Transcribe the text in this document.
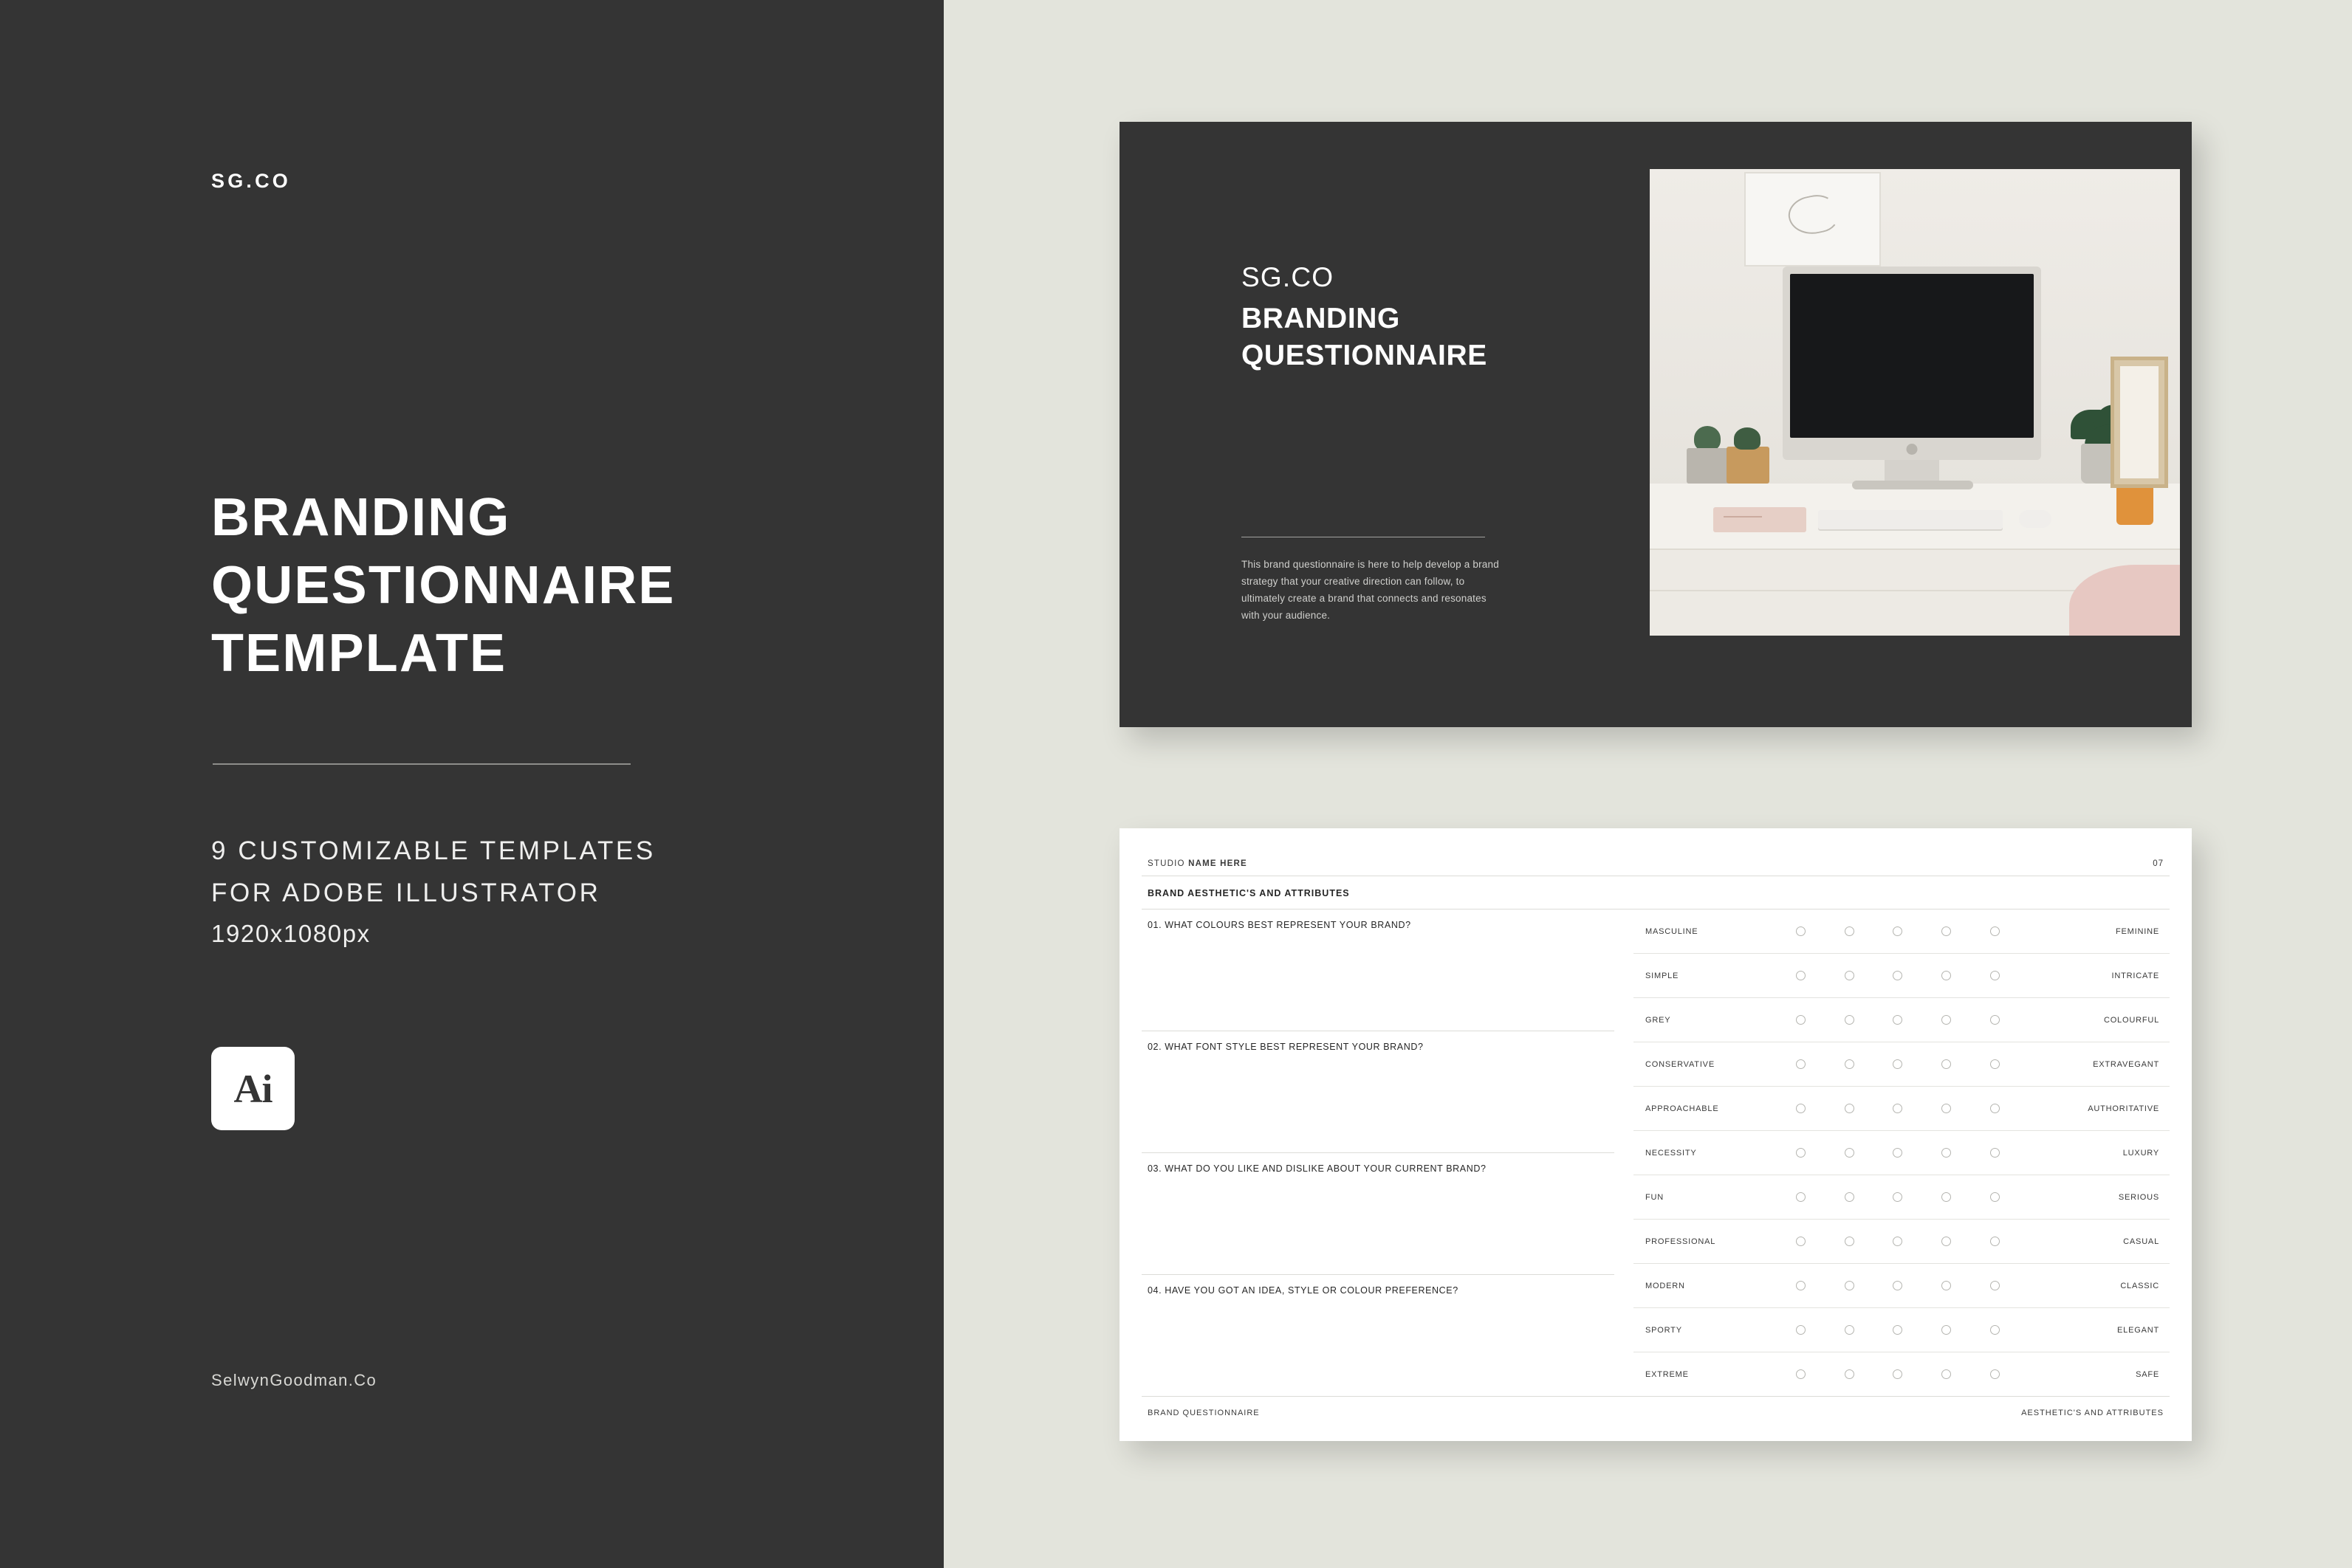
SG.CO
BRANDING
QUESTIONNAIRE
TEMPLATE
9 CUSTOMIZABLE TEMPLATES
FOR ADOBE ILLUSTRATOR
1920x1080px
Ai
SelwynGoodman.Co
SG.CO
BRANDING
QUESTIONNAIRE
This brand questionnaire is here to help develop a brand strategy that your creative direction can follow, to ultimately create a brand that connects and resonates with your audience.
STUDIO NAME HERE	07
BRAND AESTHETIC'S AND ATTRIBUTES
01. WHAT COLOURS BEST REPRESENT YOUR BRAND?
02. WHAT FONT STYLE BEST REPRESENT YOUR BRAND?
03. WHAT DO YOU LIKE AND DISLIKE ABOUT YOUR CURRENT BRAND?
04. HAVE YOU GOT AN IDEA, STYLE OR COLOUR PREFERENCE?
MASCULINE	FEMININE
SIMPLE	INTRICATE
GREY	COLOURFUL
CONSERVATIVE	EXTRAVEGANT
APPROACHABLE	AUTHORITATIVE
NECESSITY	LUXURY
FUN	SERIOUS
PROFESSIONAL	CASUAL
MODERN	CLASSIC
SPORTY	ELEGANT
EXTREME	SAFE
BRAND QUESTIONNAIRE	AESTHETIC'S AND ATTRIBUTES
